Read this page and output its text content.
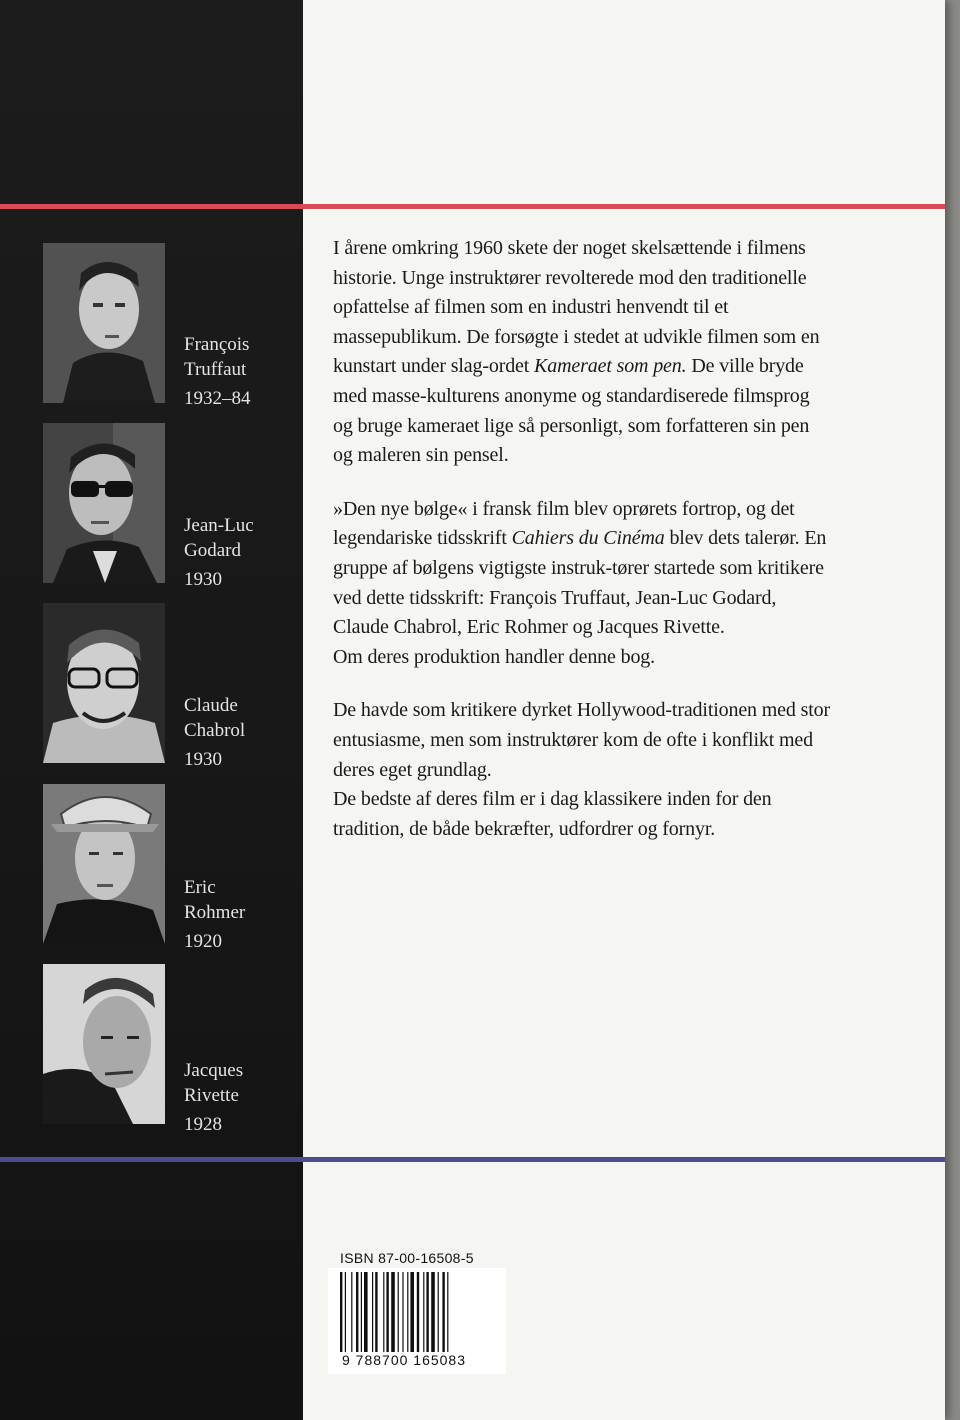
François
Truffaut
1932–84
Jean-Luc
Godard
1930
Claude
Chabrol
1930
Eric
Rohmer
1920
Jacques
Rivette
1928

I årene omkring 1960 skete der noget skelsættende i filmens historie. Unge instruktører revolterede mod den traditionelle opfattelse af filmen som en industri henvendt til et massepublikum. De forsøgte i stedet at udvikle filmen som en kunstart under slag-ordet Kameraet som pen. De ville bryde med masse-kulturens anonyme og standardiserede filmsprog og bruge kameraet lige så personligt, som forfatteren sin pen og maleren sin pensel.

»Den nye bølge« i fransk film blev oprørets fortrop, og det legendariske tidsskrift Cahiers du Cinéma blev dets talerør. En gruppe af bølgens vigtigste instruk-tører startede som kritikere ved dette tidsskrift: François Truffaut, Jean-Luc Godard, Claude Chabrol, Eric Rohmer og Jacques Rivette.
Om deres produktion handler denne bog.

De havde som kritikere dyrket Hollywood-traditionen med stor entusiasme, men som instruktører kom de ofte i konflikt med deres eget grundlag.
De bedste af deres film er i dag klassikere inden for den tradition, de både bekræfter, udfordrer og fornyr.

ISBN 87-00-16508-5
9 788700 165083
